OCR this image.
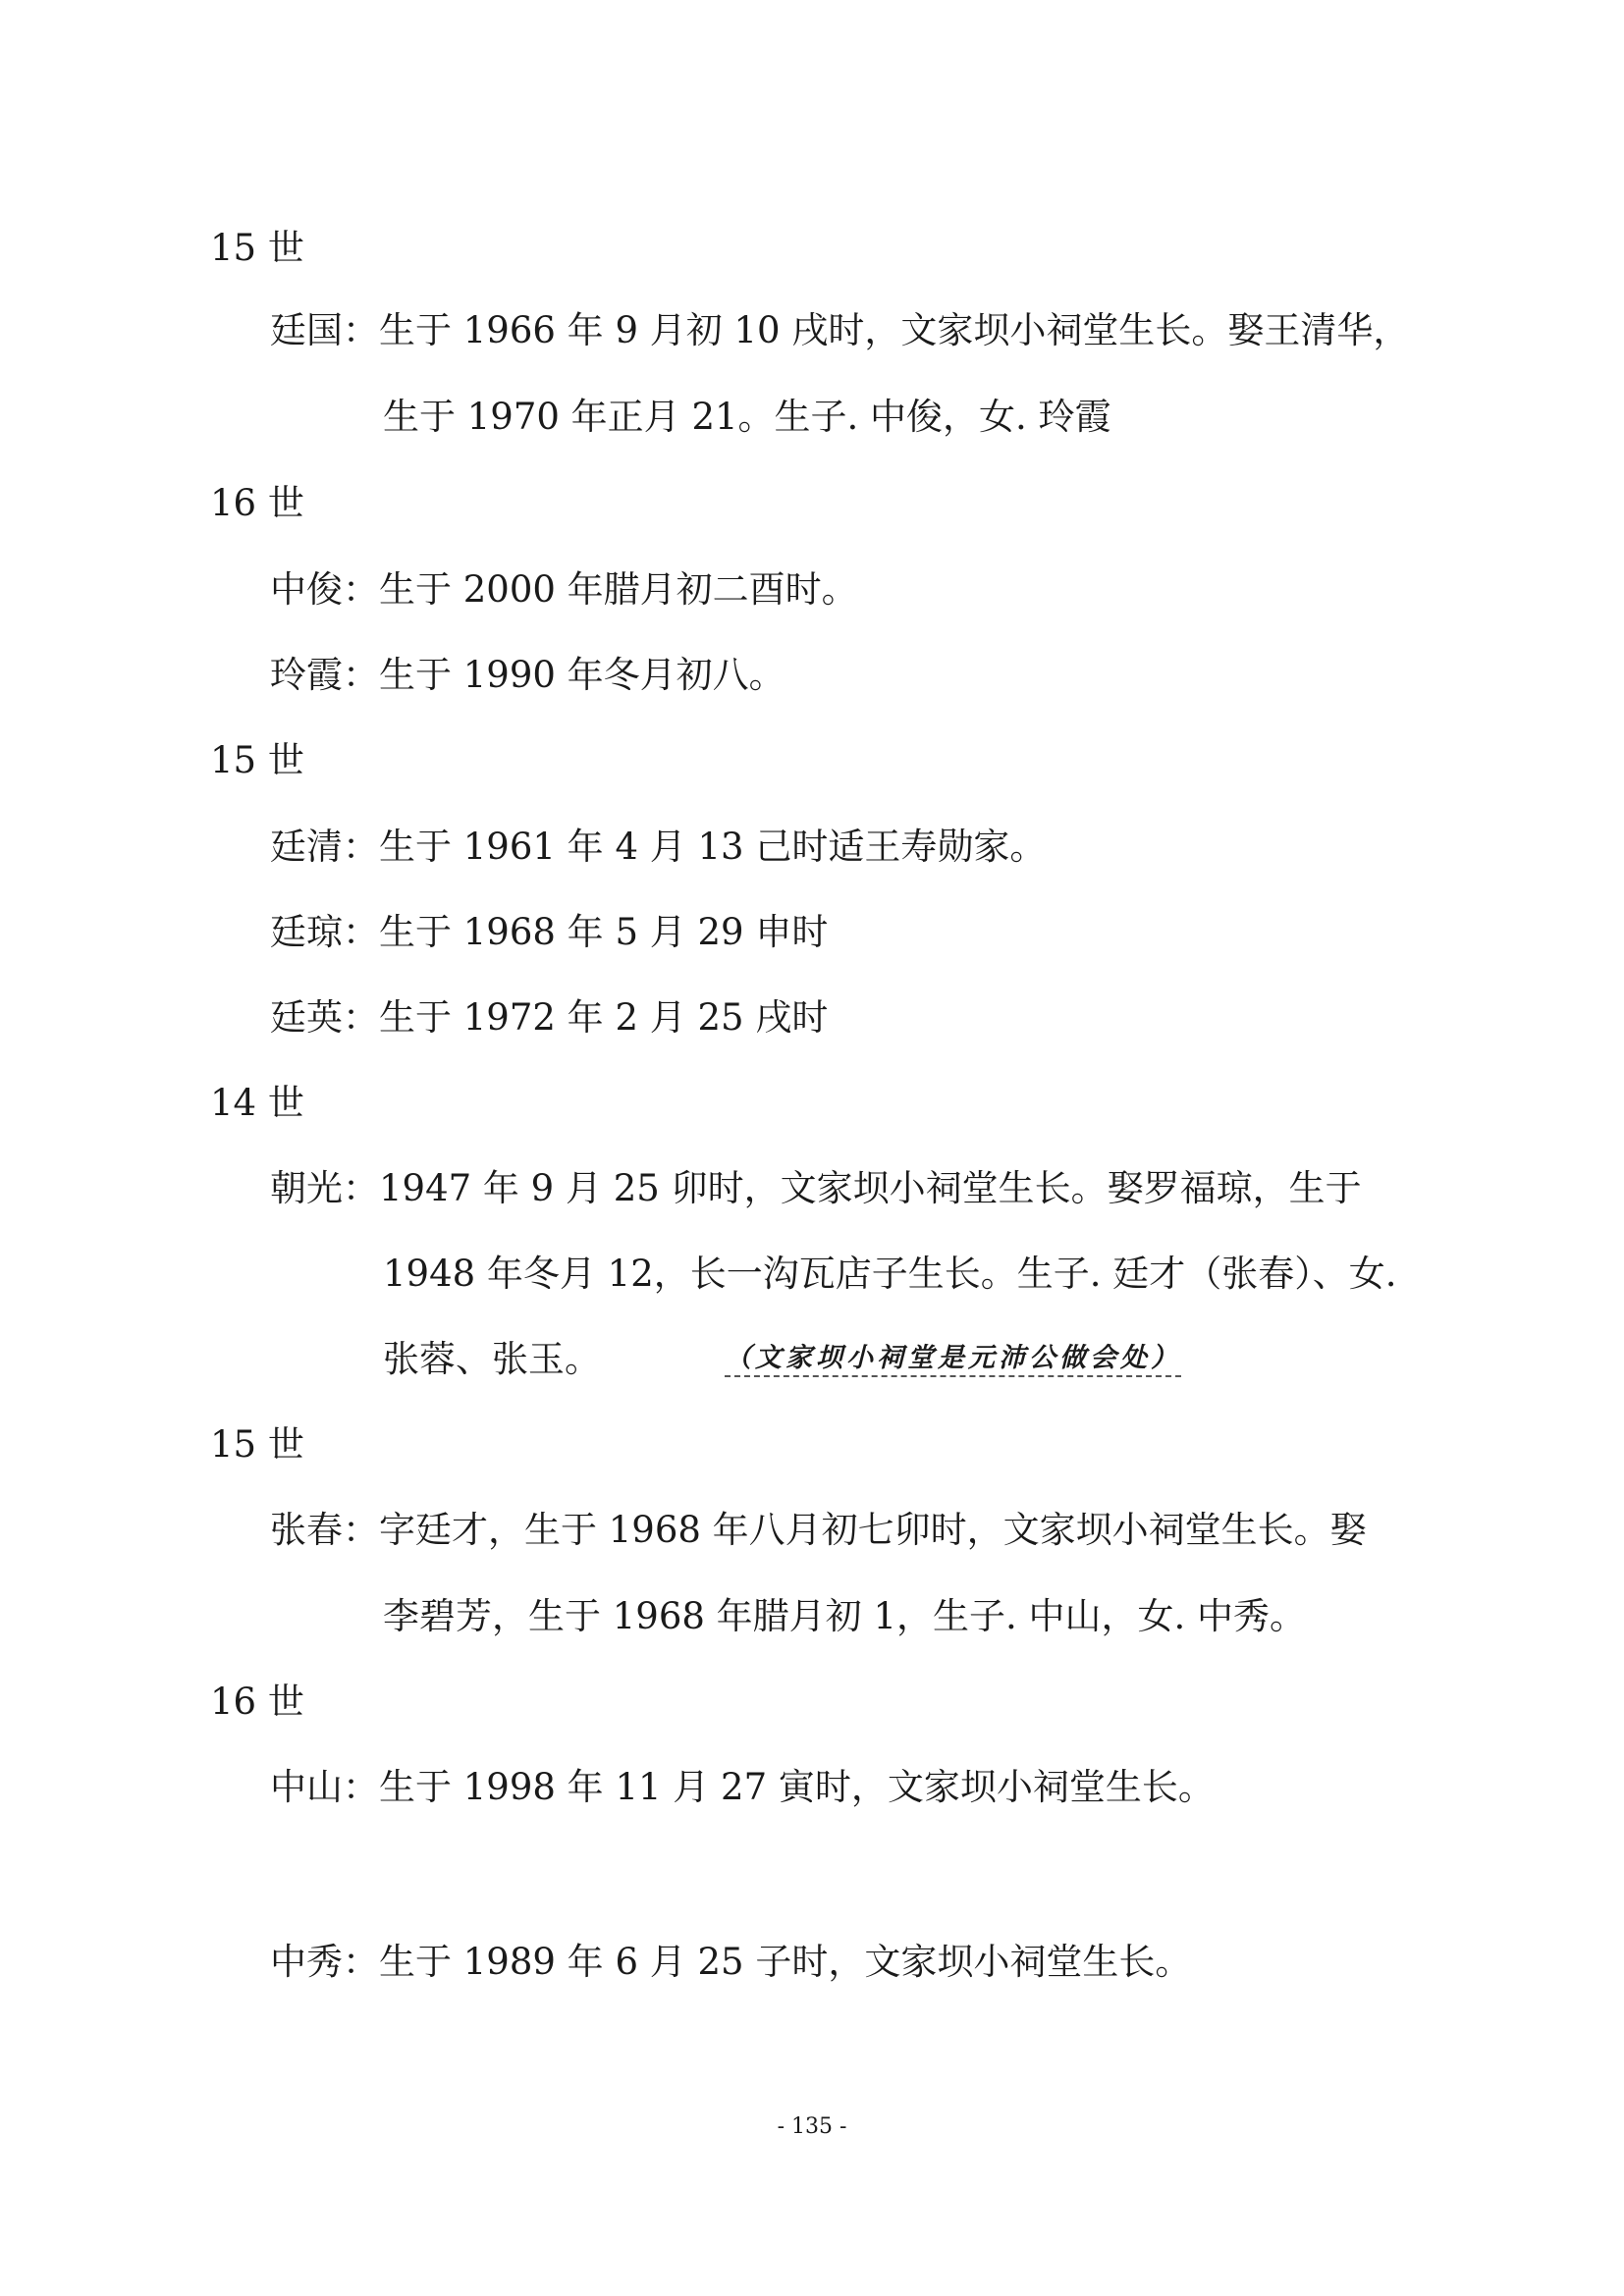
15 世

廷国：生于 1966 年 9 月初 10 戌时，文家坝小祠堂生长。娶王清华，

生于 1970 年正月 21。生子. 中俊，女. 玲霞

16 世

中俊：生于 2000 年腊月初二酉时。

玲霞：生于 1990 年冬月初八。

15 世

廷清：生于 1961 年 4 月 13 己时适王寿勋家。

廷琼：生于 1968 年 5 月 29 申时

廷英：生于 1972 年 2 月 25 戌时

14 世

朝光：1947 年 9 月 25 卯时，文家坝小祠堂生长。娶罗福琼，生于

1948 年冬月 12，长一沟瓦店子生长。生子. 廷才（张春）、女.

张蓉、张玉。	（文家坝小祠堂是元沛公做会处）

15 世

张春：字廷才，生于 1968 年八月初七卯时，文家坝小祠堂生长。娶

李碧芳，生于 1968 年腊月初 1，生子. 中山，女. 中秀。

16 世

中山：生于 1998 年 11 月 27 寅时，文家坝小祠堂生长。

中秀：生于 1989 年 6 月 25 子时，文家坝小祠堂生长。

- 135 -
